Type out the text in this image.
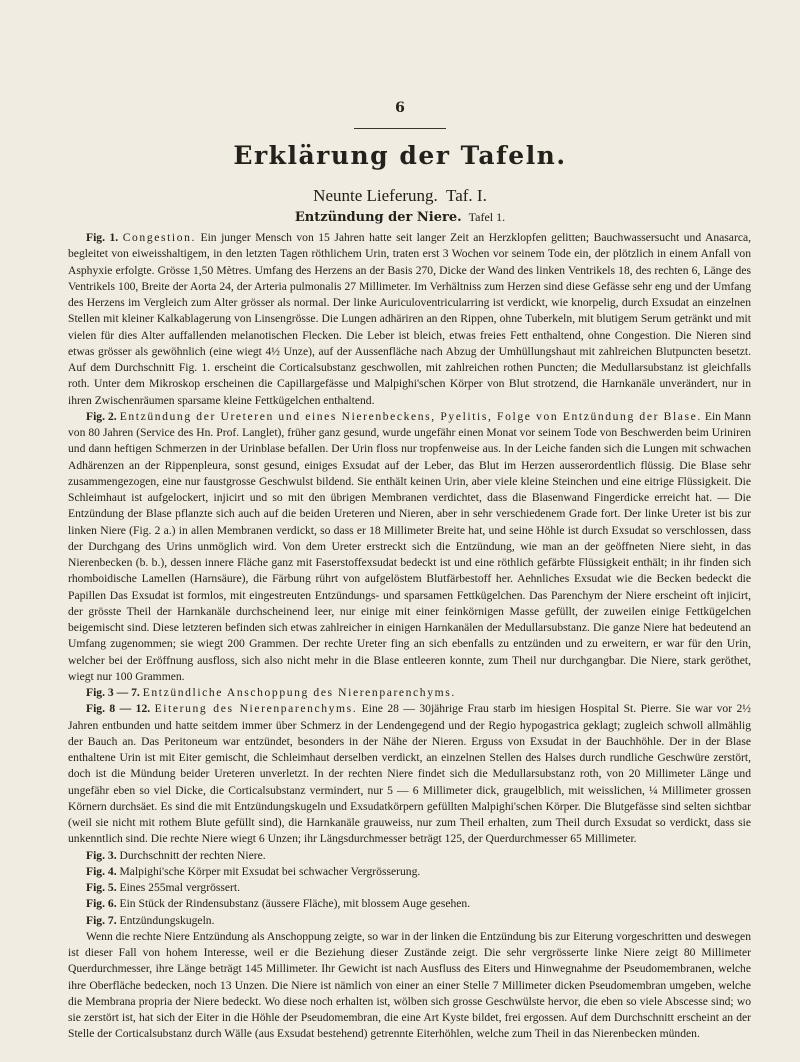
6
Erklärung der Tafeln.
Neunte Lieferung. Taf. I.
Entzündung der Niere. Tafel 1.

Fig. 1. Congestion. Ein junger Mensch von 15 Jahren hatte seit langer Zeit an Herzklopfen gelitten; Bauchwassersucht und Anasarca, begleitet von eiweisshaltigem, in den letzten Tagen röthlichem Urin, traten erst 3 Wochen vor seinem Tode ein, der plötzlich in einem Anfall von Asphyxie erfolgte. Grösse 1,50 Mètres. Umfang des Herzens an der Basis 270, Dicke der Wand des linken Ventrikels 18, des rechten 6, Länge des Ventrikels 100, Breite der Aorta 24, der Arteria pulmonalis 27 Millimeter. Im Verhältniss zum Herzen sind diese Gefässe sehr eng und der Umfang des Herzens im Vergleich zum Alter grösser als normal. Der linke Auriculoventricularring ist verdickt, wie knorpelig, durch Exsudat an einzelnen Stellen mit kleiner Kalkablagerung von Linsengrösse. Die Lungen adhäriren an den Rippen, ohne Tuberkeln, mit blutigem Serum getränkt und mit vielen für dies Alter auffallenden melanotischen Flecken. Die Leber ist bleich, etwas freies Fett enthaltend, ohne Congestion. Die Nieren sind etwas grösser als gewöhnlich (eine wiegt 4½ Unze), auf der Aussenfläche nach Abzug der Umhüllungshaut mit zahlreichen Blutpuncten besetzt. Auf dem Durchschnitt Fig. 1. erscheint die Corticalsubstanz geschwollen, mit zahlreichen rothen Puncten; die Medullarsubstanz ist gleichfalls roth. Unter dem Mikroskop erscheinen die Capillargefässe und Malpighi'schen Körper von Blut strotzend, die Harnkanäle unverändert, nur in ihren Zwischenräumen sparsame kleine Fettkügelchen enthaltend.

Fig. 2. Entzündung der Ureteren und eines Nierenbeckens, Pyelitis, Folge von Entzündung der Blase. Ein Mann von 80 Jahren (Service des Hn. Prof. Langlet), früher ganz gesund, wurde ungefähr einen Monat vor seinem Tode von Beschwerden beim Uriniren und dann heftigen Schmerzen in der Urinblase befallen. Der Urin floss nur tropfenweise aus. In der Leiche fanden sich die Lungen mit schwachen Adhärenzen an der Rippenpleura, sonst gesund, einiges Exsudat auf der Leber, das Blut im Herzen ausserordentlich flüssig. Die Blase sehr zusammengezogen, eine nur faustgrosse Geschwulst bildend. Sie enthält keinen Urin, aber viele kleine Steinchen und eine eitrige Flüssigkeit. Die Schleimhaut ist aufgelockert, injicirt und so mit den übrigen Membranen verdichtet, dass die Blasenwand Fingerdicke erreicht hat. — Die Entzündung der Blase pflanzte sich auch auf die beiden Ureteren und Nieren, aber in sehr verschiedenem Grade fort. Der linke Ureter ist bis zur linken Niere (Fig. 2 a.) in allen Membranen verdickt, so dass er 18 Millimeter Breite hat, und seine Höhle ist durch Exsudat so verschlossen, dass der Durchgang des Urins unmöglich wird. Von dem Ureter erstreckt sich die Entzündung, wie man an der geöffneten Niere sieht, in das Nierenbecken (b. b.), dessen innere Fläche ganz mit Faserstoffexsudat bedeckt ist und eine röthlich gefärbte Flüssigkeit enthält; in ihr finden sich rhomboidische Lamellen (Harnsäure), die Färbung rührt von aufgelöstem Blutfärbestoff her. Aehnliches Exsudat wie die Becken bedeckt die Papillen Das Exsudat ist formlos, mit eingestreuten Entzündungs- und sparsamen Fettkügelchen. Das Parenchym der Niere erscheint oft injicirt, der grösste Theil der Harnkanäle durchscheinend leer, nur einige mit einer feinkörnigen Masse gefüllt, der zuweilen einige Fettkügelchen beigemischt sind. Diese letzteren befinden sich etwas zahlreicher in einigen Harnkanälen der Medullarsubstanz. Die ganze Niere hat bedeutend an Umfang zugenommen; sie wiegt 200 Grammen. Der rechte Ureter fing an sich ebenfalls zu entzünden und zu erweitern, er war für den Urin, welcher bei der Eröffnung ausfloss, sich also nicht mehr in die Blase entleeren konnte, zum Theil nur durchgangbar. Die Niere, stark geröthet, wiegt nur 100 Grammen.

Fig. 3 — 7. Entzündliche Anschoppung des Nierenparenchyms.

Fig. 8 — 12. Eiterung des Nierenparenchyms. Eine 28 — 30jährige Frau starb im hiesigen Hospital St. Pierre. Sie war vor 2½ Jahren entbunden und hatte seitdem immer über Schmerz in der Lendengegend und der Regio hypogastrica geklagt; zugleich schwoll allmählig der Bauch an. Das Peritoneum war entzündet, besonders in der Nähe der Nieren. Erguss von Exsudat in der Bauchhöhle. Der in der Blase enthaltene Urin ist mit Eiter gemischt, die Schleimhaut derselben verdickt, an einzelnen Stellen des Halses durch rundliche Geschwüre zerstört, doch ist die Mündung beider Ureteren unverletzt. In der rechten Niere findet sich die Medullarsubstanz roth, von 20 Millimeter Länge und ungefähr eben so viel Dicke, die Corticalsubstanz vermindert, nur 5 — 6 Millimeter dick, graugelblich, mit weisslichen, ¼ Millimeter grossen Körnern durchsäet. Es sind die mit Entzündungskugeln und Exsudatkörpern gefüllten Malpighi'schen Körper. Die Blutgefässe sind selten sichtbar (weil sie nicht mit rothem Blute gefüllt sind), die Harnkanäle grauweiss, nur zum Theil erhalten, zum Theil durch Exsudat so verdickt, dass sie unkenntlich sind. Die rechte Niere wiegt 6 Unzen; ihr Längsdurchmesser beträgt 125, der Querdurchmesser 65 Millimeter.

Fig. 3. Durchschnitt der rechten Niere.

Fig. 4. Malpighi'sche Körper mit Exsudat bei schwacher Vergrösserung.

Fig. 5. Eines 255mal vergrössert.

Fig. 6. Ein Stück der Rindensubstanz (äussere Fläche), mit blossem Auge gesehen.

Fig. 7. Entzündungskugeln.

Wenn die rechte Niere Entzündung als Anschoppung zeigte, so war in der linken die Entzündung bis zur Eiterung vorgeschritten und deswegen ist dieser Fall von hohem Interesse, weil er die Beziehung dieser Zustände zeigt. Die sehr vergrösserte linke Niere zeigt 80 Millimeter Querdurchmesser, ihre Länge beträgt 145 Millimeter. Ihr Gewicht ist nach Ausfluss des Eiters und Hinwegnahme der Pseudomembranen, welche ihre Oberfläche bedecken, noch 13 Unzen. Die Niere ist nämlich von einer an einer Stelle 7 Millimeter dicken Pseudomembran umgeben, welche die Membrana propria der Niere bedeckt. Wo diese noch erhalten ist, wölben sich grosse Geschwülste hervor, die eben so viele Abscesse sind; wo sie zerstört ist, hat sich der Eiter in die Höhle der Pseudomembran, die eine Art Kyste bildet, frei ergossen. Auf dem Durchschnitt erscheint an der Stelle der Corticalsubstanz durch Wälle (aus Exsudat bestehend) getrennte Eiterhöhlen, welche zum Theil in das Nierenbecken münden.
